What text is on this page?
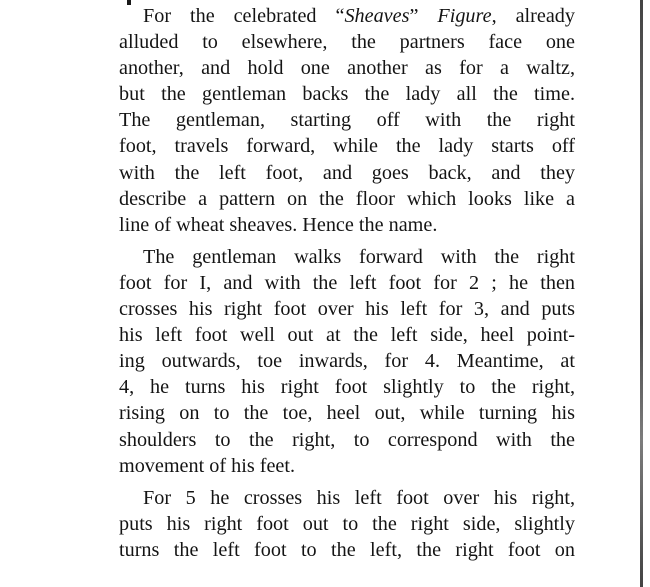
For the celebrated “Sheaves” Figure, already
alluded to elsewhere, the partners face one
another, and hold one another as for a waltz,
but the gentleman backs the lady all the time.
The gentleman, starting off with the right
foot, travels forward, while the lady starts off
with the left foot, and goes back, and they
describe a pattern on the floor which looks like a
line of wheat sheaves. Hence the name.
The gentleman walks forward with the right
foot for I, and with the left foot for 2 ; he then
crosses his right foot over his left for 3, and puts
his left foot well out at the left side, heel point-
ing outwards, toe inwards, for 4. Meantime, at
4, he turns his right foot slightly to the right,
rising on to the toe, heel out, while turning his
shoulders to the right, to correspond with the
movement of his feet.
For 5 he crosses his left foot over his right,
puts his right foot out to the right side, slightly
turns the left foot to the left, the right foot on
